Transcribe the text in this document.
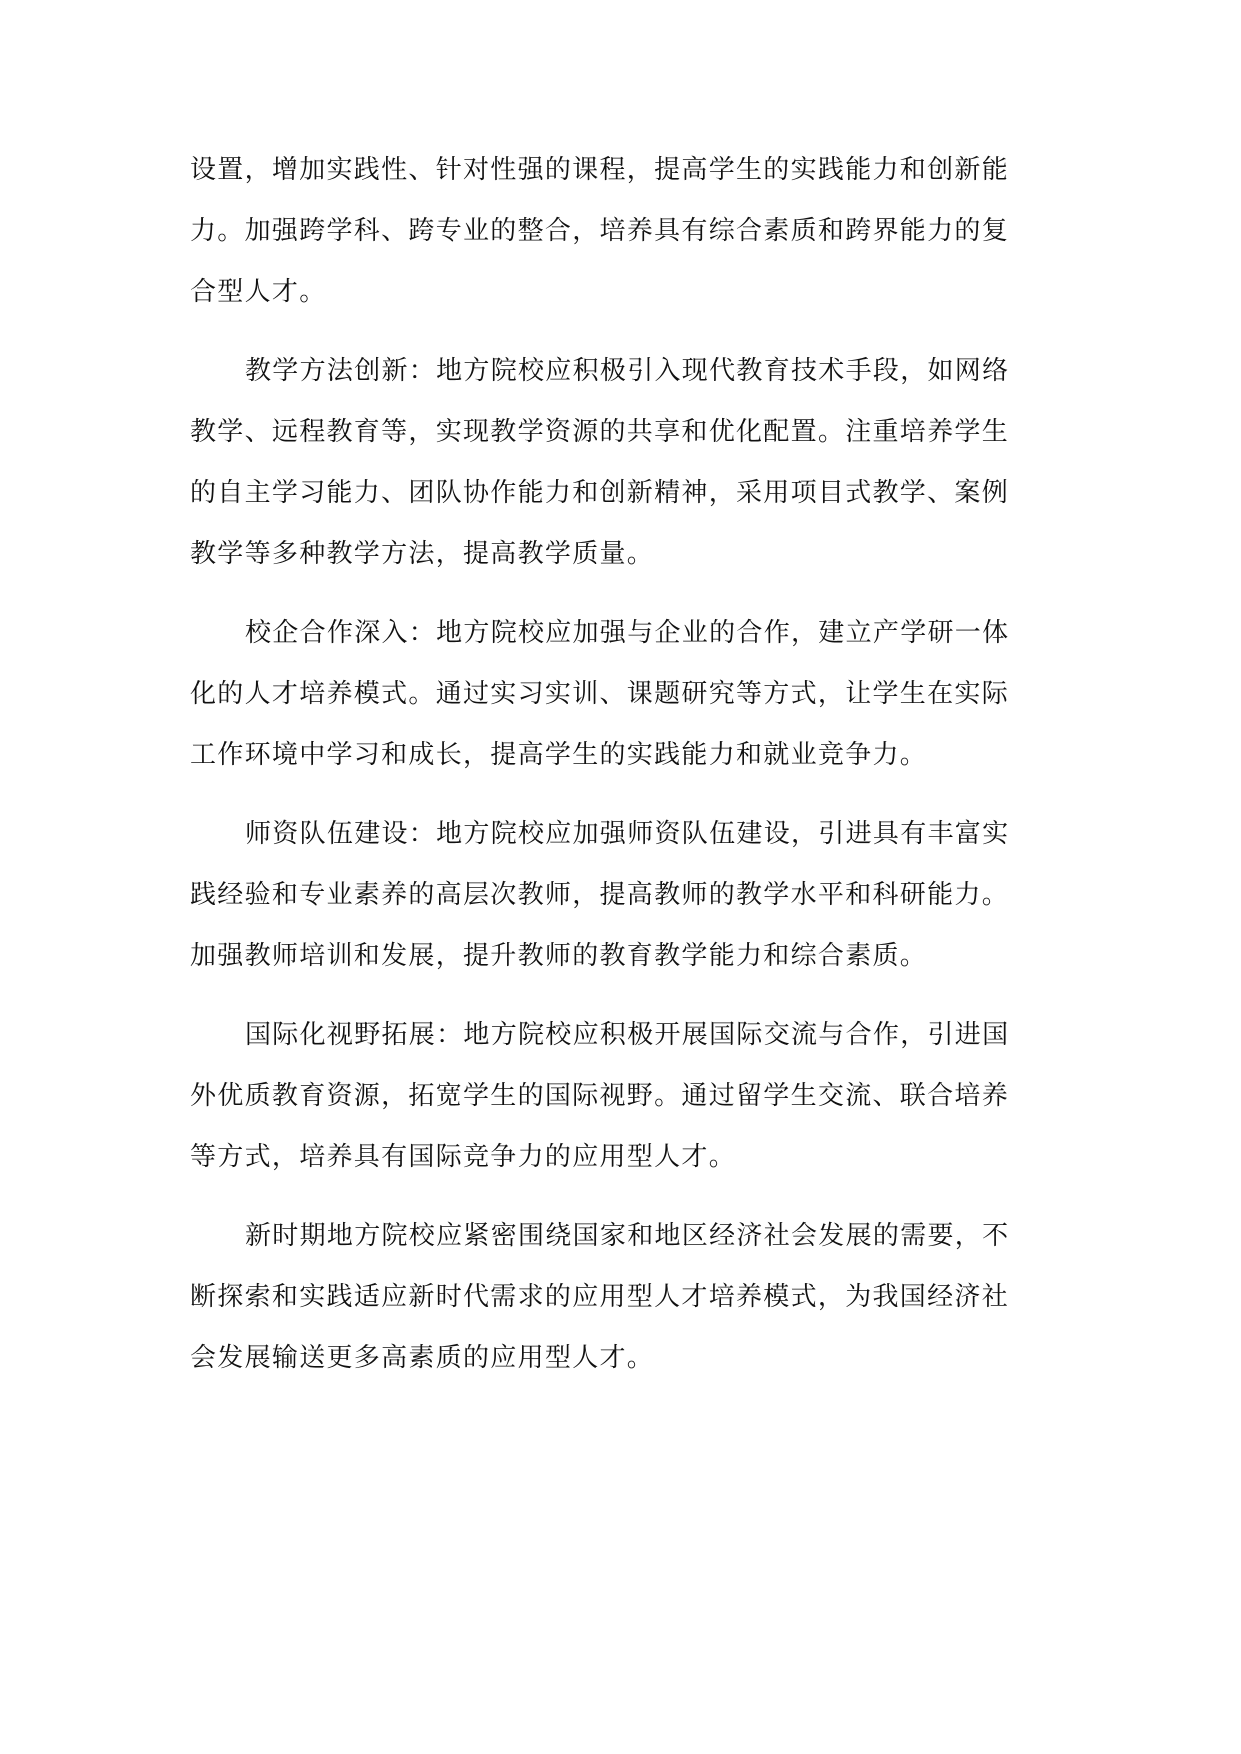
设置，增加实践性、针对性强的课程，提高学生的实践能力和创新能
力。加强跨学科、跨专业的整合，培养具有综合素质和跨界能力的复
合型人才。
教学方法创新：地方院校应积极引入现代教育技术手段，如网络
教学、远程教育等，实现教学资源的共享和优化配置。注重培养学生
的自主学习能力、团队协作能力和创新精神，采用项目式教学、案例
教学等多种教学方法，提高教学质量。
校企合作深入：地方院校应加强与企业的合作，建立产学研一体
化的人才培养模式。通过实习实训、课题研究等方式，让学生在实际
工作环境中学习和成长，提高学生的实践能力和就业竞争力。
师资队伍建设：地方院校应加强师资队伍建设，引进具有丰富实
践经验和专业素养的高层次教师，提高教师的教学水平和科研能力。
加强教师培训和发展，提升教师的教育教学能力和综合素质。
国际化视野拓展：地方院校应积极开展国际交流与合作，引进国
外优质教育资源，拓宽学生的国际视野。通过留学生交流、联合培养
等方式，培养具有国际竞争力的应用型人才。
新时期地方院校应紧密围绕国家和地区经济社会发展的需要，不
断探索和实践适应新时代需求的应用型人才培养模式，为我国经济社
会发展输送更多高素质的应用型人才。
